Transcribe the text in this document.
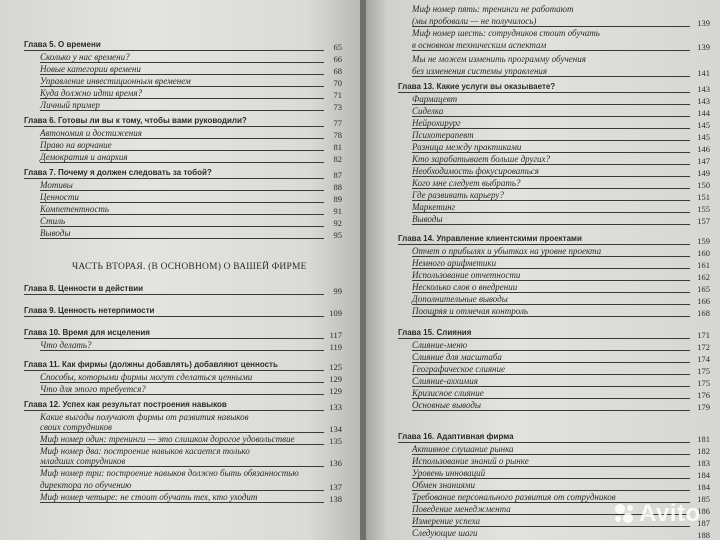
Глава 5. О времени	65
Сколько у нас времени?	66
Новые категории времени	68
Управление инвестиционным временем	70
Куда должно идти время?	71
Личный пример	73
Глава 6. Готовы ли вы к тому, чтобы вами руководили?	77
Автономия и достижения	78
Право на ворчание	81
Демократия и анархия	82
Глава 7. Почему я должен следовать за тобой?	87
Мотивы	88
Ценности	89
Компетентность	91
Стиль	92
Выводы	95
ЧАСТЬ ВТОРАЯ. (В ОСНОВНОМ) О ВАШЕЙ ФИРМЕ
Глава 8. Ценности в действии	99
Глава 9. Ценность нетерпимости	109
Глава 10. Время для исцеления	117
Что делать?	119
Глава 11. Как фирмы (должны добавлять) добавляют ценность	125
Способы, которыми фирмы могут сделаться ценными	129
Что для этого требуется?	129
Глава 12. Успех как результат построения навыков	133
Какие выгоды получают фирмы от развития навыков
своих сотрудников	134
Миф номер один: тренинги — это слишком дорогое удовольствие	135
Миф номер два: построение навыков касается только
младших сотрудников	136
Миф номер три: построение навыков должно быть обязанностью
директора по обучению	137
Миф номер четыре: не стоит обучать тех, кто уходит	138
Миф номер пять: тренинги не работают
(мы пробовали — не получилось)	139
Миф номер шесть: сотрудников стоит обучать
в основном техническим аспектам	139
Мы не можем изменить программу обучения
без изменения системы управления	141
Глава 13. Какие услуги вы оказываете?	143
Фармацевт	143
Сиделка	144
Нейрохирург	145
Психотерапевт	145
Разница между практиками	146
Кто зарабатывает больше других?	147
Необходимость фокусироваться	149
Кого мне следует выбрать?	150
Где развивать карьеру?	151
Маркетинг	155
Выводы	157
Глава 14. Управление клиентскими проектами	159
Отчет о прибылях и убытках на уровне проекта	160
Немного арифметики	161
Использование отчетности	162
Несколько слов о внедрении	165
Дополнительные выводы	166
Поощряя и отмечая контроль	168
Глава 15. Слияния	171
Слияние-меню	172
Слияние для масштаба	174
Географическое слияние	175
Слияние-аххимия	175
Кризисное слияние	176
Основные выводы	179
Глава 16. Адаптивная фирма	181
Активное слушание рынка	182
Использование знаний о рынке	183
Уровень инноваций	184
Обмен знаниями	184
Требование персонального развития от сотрудников	185
Поведение менеджмента	186
Измерение успеха	187
Следующие шаги	188
Avito
